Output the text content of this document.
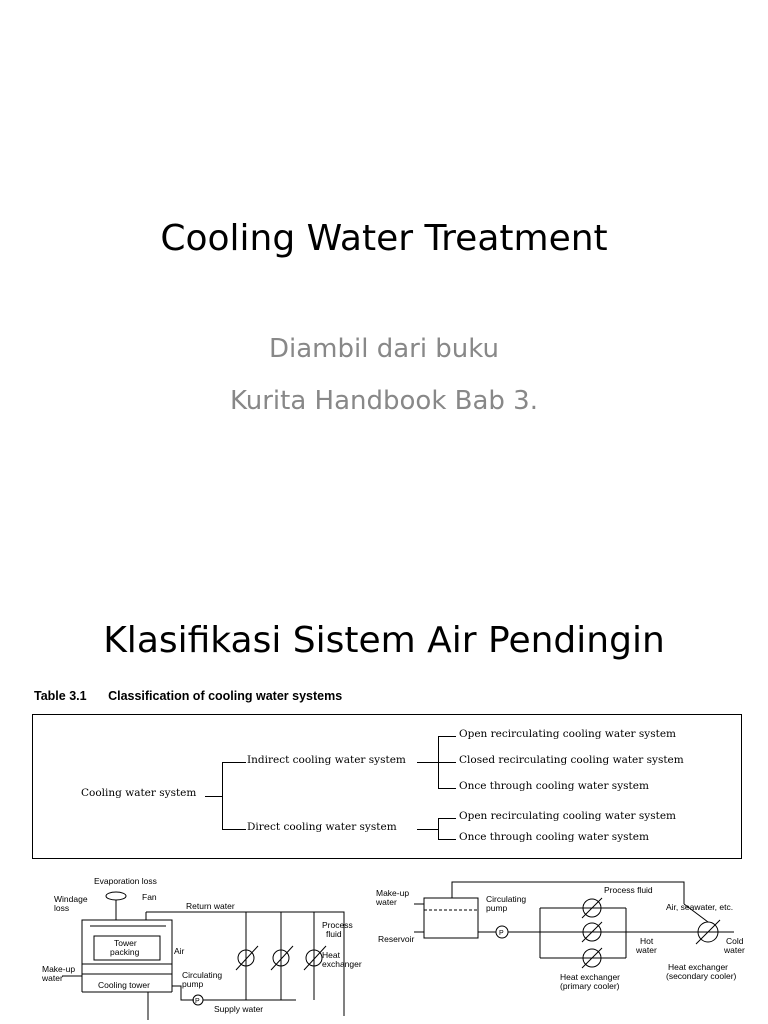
Cooling Water Treatment
Diambil dari buku
Kurita Handbook Bab 3.
Klasifikasi Sistem Air Pendingin
Table 3.1 Classification of cooling water systems
Cooling water system
Indirect cooling water system
Open recirculating cooling water system
Closed recirculating cooling water system
Once through cooling water system
Direct cooling water system
Open recirculating cooling water system
Once through cooling water system
Evaporation loss
Windage
loss
Fan
Return water
Tower
packing	Air
Make-up
water
Cooling tower
Circulating
pump
P
Supply water
Process
fluid
Heat
exchanger
Make-up
water
Reservoir
Circulating
pump
P
Process fluid
Air, seawater, etc.
Hot
water
Cold
water
Heat exchanger
(primary cooler)
Heat exchanger
(secondary cooler)
